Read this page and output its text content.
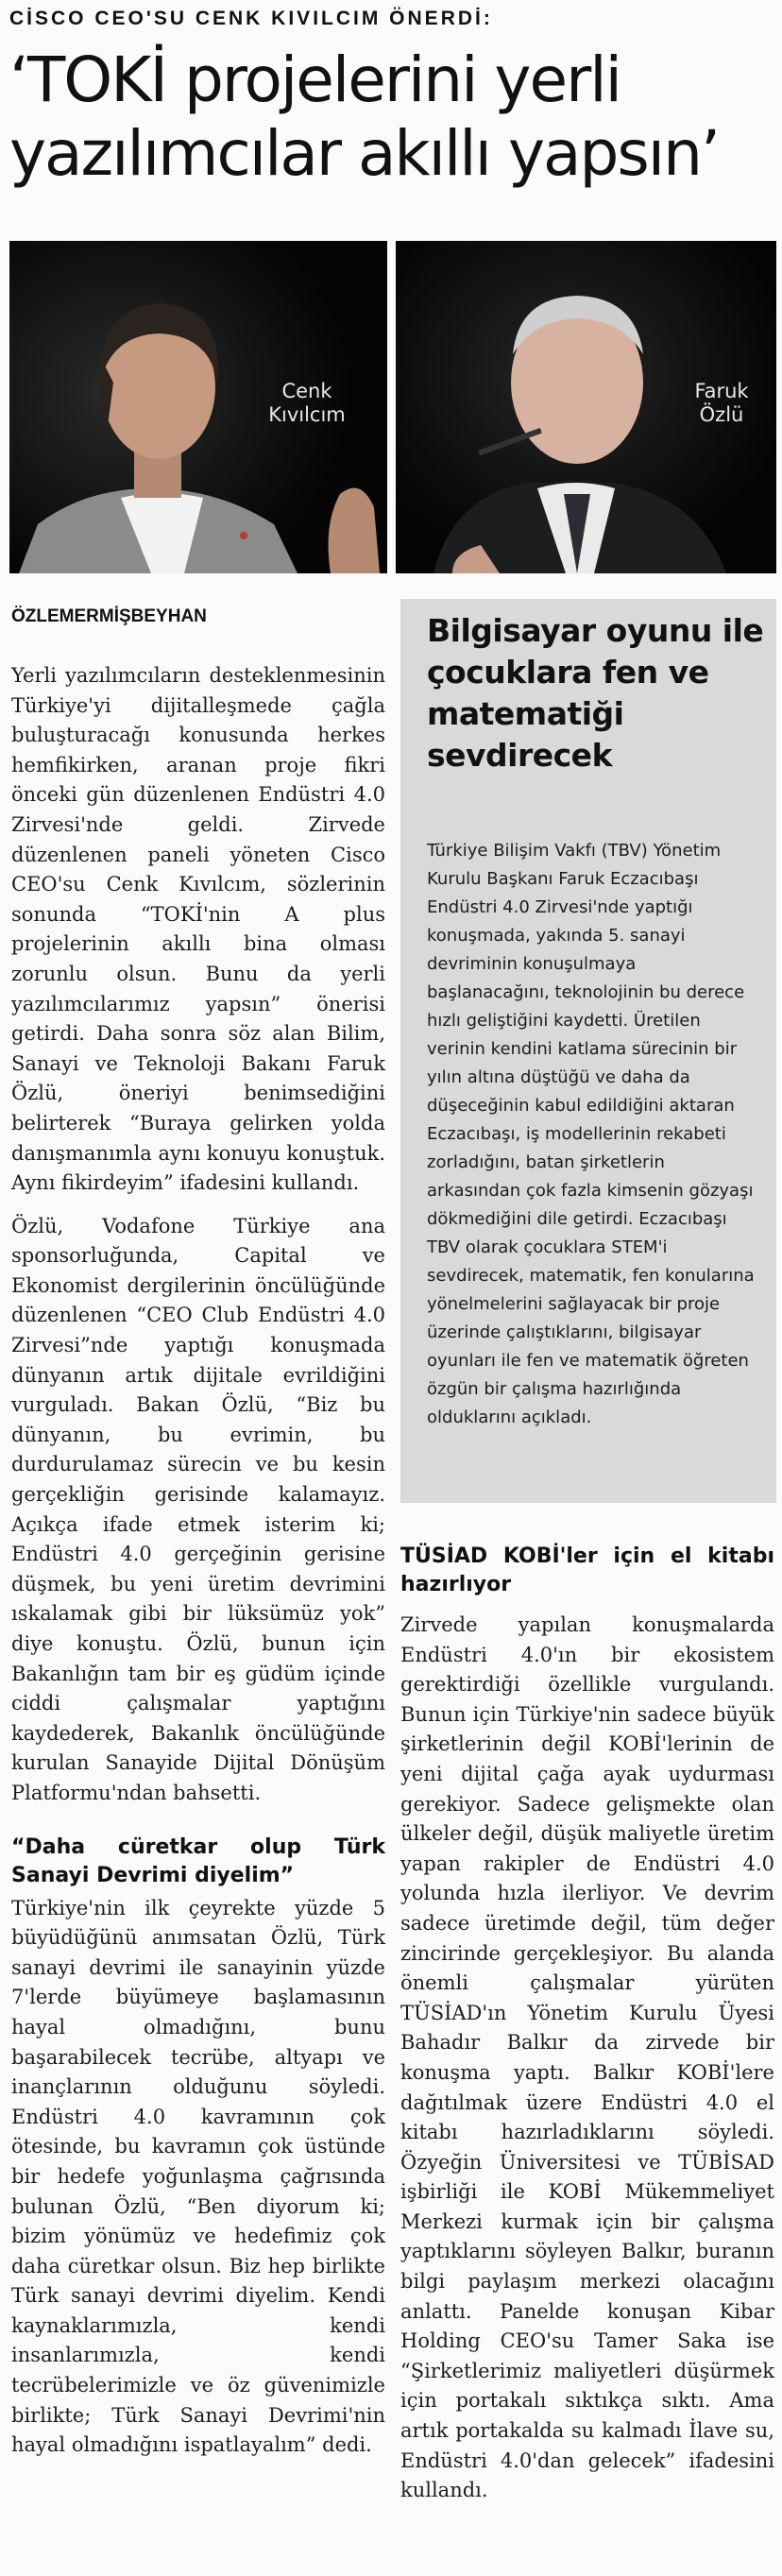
CİSCO CEO'SU CENK KIVILCIM ÖNERDİ:
‘TOKİ projelerini yerli yazılımcılar akıllı yapsın’
Cenk Kıvılcım
Faruk Özlü
ÖZLEMERMİŞBEYHAN

Yerli yazılımcıların desteklenmesinin Türkiye'yi dijitalleşmede çağla buluşturacağı konusunda herkes hemfikirken, aranan proje fikri önceki gün düzenlenen Endüstri 4.0 Zirvesi'nde geldi. Zirvede düzenlenen paneli yöneten Cisco CEO'su Cenk Kıvılcım, sözlerinin sonunda “TOKİ'nin A plus projelerinin akıllı bina olması zorunlu olsun. Bunu da yerli yazılımcılarımız yapsın” önerisi getirdi. Daha sonra söz alan Bilim, Sanayi ve Teknoloji Bakanı Faruk Özlü, öneriyi benimsediğini belirterek “Buraya gelirken yolda danışmanımla aynı konuyu konuştuk. Aynı fikirdeyim” ifadesini kullandı.

Özlü, Vodafone Türkiye ana sponsorluğunda, Capital ve Ekonomist dergilerinin öncülüğünde düzenlenen “CEO Club Endüstri 4.0 Zirvesi”nde yaptığı konuşmada dünyanın artık dijitale evrildiğini vurguladı. Bakan Özlü, “Biz bu dünyanın, bu evrimin, bu durdurulamaz sürecin ve bu kesin gerçekliğin gerisinde kalamayız. Açıkça ifade etmek isterim ki; Endüstri 4.0 gerçeğinin gerisine düşmek, bu yeni üretim devrimini ıskalamak gibi bir lüksümüz yok” diye konuştu. Özlü, bunun için Bakanlığın tam bir eş güdüm içinde ciddi çalışmalar yaptığını kaydederek, Bakanlık öncülüğünde kurulan Sanayide Dijital Dönüşüm Platformu'ndan bahsetti.

“Daha cüretkar olup Türk Sanayi Devrimi diyelim”

Türkiye'nin ilk çeyrekte yüzde 5 büyüdüğünü anımsatan Özlü, Türk sanayi devrimi ile sanayinin yüzde 7'lerde büyümeye başlamasının hayal olmadığını, bunu başarabilecek tecrübe, altyapı ve inançlarının olduğunu söyledi. Endüstri 4.0 kavramının çok ötesinde, bu kavramın çok üstünde bir hedefe yoğunlaşma çağrısında bulunan Özlü, “Ben diyorum ki; bizim yönümüz ve hedefimiz çok daha cüretkar olsun. Biz hep birlikte Türk sanayi devrimi diyelim. Kendi kaynaklarımızla, kendi insanlarımızla, kendi tecrübelerimizle ve öz güvenimizle birlikte; Türk Sanayi Devrimi'nin hayal olmadığını ispatlayalım” dedi.

Bilgisayar oyunu ile çocuklara fen ve matematiği sevdirecek
Türkiye Bilişim Vakfı (TBV) Yönetim Kurulu Başkanı Faruk Eczacıbaşı Endüstri 4.0 Zirvesi'nde yaptığı konuşmada, yakında 5. sanayi devriminin konuşulmaya başlanacağını, teknolojinin bu derece hızlı geliştiğini kaydetti. Üretilen verinin kendini katlama sürecinin bir yılın altına düştüğü ve daha da düşeceğinin kabul edildiğini aktaran Eczacıbaşı, iş modellerinin rekabeti zorladığını, batan şirketlerin arkasından çok fazla kimsenin gözyaşı dökmediğini dile getirdi. Eczacıbaşı TBV olarak çocuklara STEM'i sevdirecek, matematik, fen konularına yönelmelerini sağlayacak bir proje üzerinde çalıştıklarını, bilgisayar oyunları ile fen ve matematik öğreten özgün bir çalışma hazırlığında olduklarını açıkladı.

TÜSİAD KOBİ'ler için el kitabı hazırlıyor

Zirvede yapılan konuşmalarda Endüstri 4.0'ın bir ekosistem gerektirdiği özellikle vurgulandı. Bunun için Türkiye'nin sadece büyük şirketlerinin değil KOBİ'lerinin de yeni dijital çağa ayak uydurması gerekiyor. Sadece gelişmekte olan ülkeler değil, düşük maliyetle üretim yapan rakipler de Endüstri 4.0 yolunda hızla ilerliyor. Ve devrim sadece üretimde değil, tüm değer zincirinde gerçekleşiyor. Bu alanda önemli çalışmalar yürüten TÜSİAD'ın Yönetim Kurulu Üyesi Bahadır Balkır da zirvede bir konuşma yaptı. Balkır KOBİ'lere dağıtılmak üzere Endüstri 4.0 el kitabı hazırladıklarını söyledi. Özyeğin Üniversitesi ve TÜBİSAD işbirliği ile KOBİ Mükemmeliyet Merkezi kurmak için bir çalışma yaptıklarını söyleyen Balkır, buranın bilgi paylaşım merkezi olacağını anlattı. Panelde konuşan Kibar Holding CEO'su Tamer Saka ise “Şirketlerimiz maliyetleri düşürmek için portakalı sıktıkça sıktı. Ama artık portakalda su kalmadı İlave su, Endüstri 4.0'dan gelecek” ifadesini kullandı.
